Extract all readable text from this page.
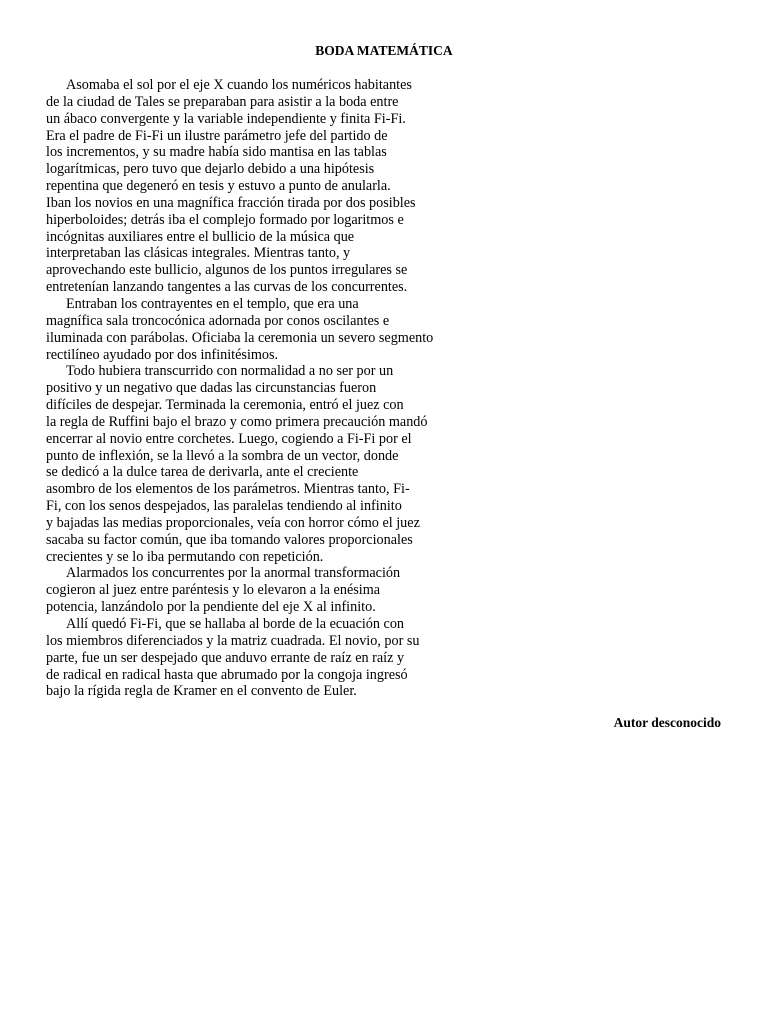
BODA MATEMÁTICA
Asomaba el sol por el eje X cuando los numéricos habitantes
de la ciudad de Tales se preparaban para asistir a la boda entre
un ábaco convergente y la variable independiente y finita Fi-Fi.
Era el padre de Fi-Fi un ilustre parámetro jefe del partido de
los incrementos, y su madre había sido mantisa en las tablas
logarítmicas, pero tuvo que dejarlo debido a una hipótesis
repentina que degeneró en tesis y estuvo a punto de anularla.
Iban los novios en una magnífica fracción tirada por dos posibles
hiperboloides; detrás iba el complejo formado por logaritmos e
incógnitas auxiliares entre el bullicio de la música que
interpretaban las clásicas integrales. Mientras tanto, y
aprovechando este bullicio, algunos de los puntos irregulares se
entretenían lanzando tangentes a las curvas de los concurrentes.
Entraban los contrayentes en el templo, que era una
magnífica sala troncocónica adornada por conos oscilantes e
iluminada con parábolas. Oficiaba la ceremonia un severo segmento
rectilíneo ayudado por dos infinitésimos.
Todo hubiera transcurrido con normalidad a no ser por un
positivo y un negativo que dadas las circunstancias fueron
difíciles de despejar. Terminada la ceremonia, entró el juez con
la regla de Ruffini bajo el brazo y como primera precaución mandó
encerrar al novio entre corchetes. Luego, cogiendo a Fi-Fi por el
punto de inflexión, se la llevó a la sombra de un vector, donde
se dedicó a la dulce tarea de derivarla, ante el creciente
asombro de los elementos de los parámetros. Mientras tanto, Fi-
Fi, con los senos despejados, las paralelas tendiendo al infinito
y bajadas las medias proporcionales, veía con horror cómo el juez
sacaba su factor común, que iba tomando valores proporcionales
crecientes y se lo iba permutando con repetición.
Alarmados los concurrentes por la anormal transformación
cogieron al juez entre paréntesis y lo elevaron a la enésima
potencia, lanzándolo por la pendiente del eje X al infinito.
Allí quedó Fi-Fi, que se hallaba al borde de la ecuación con
los miembros diferenciados y la matriz cuadrada. El novio, por su
parte, fue un ser despejado que anduvo errante de raíz en raíz y
de radical en radical hasta que abrumado por la congoja ingresó
bajo la rígida regla de Kramer en el convento de Euler.
Autor desconocido
